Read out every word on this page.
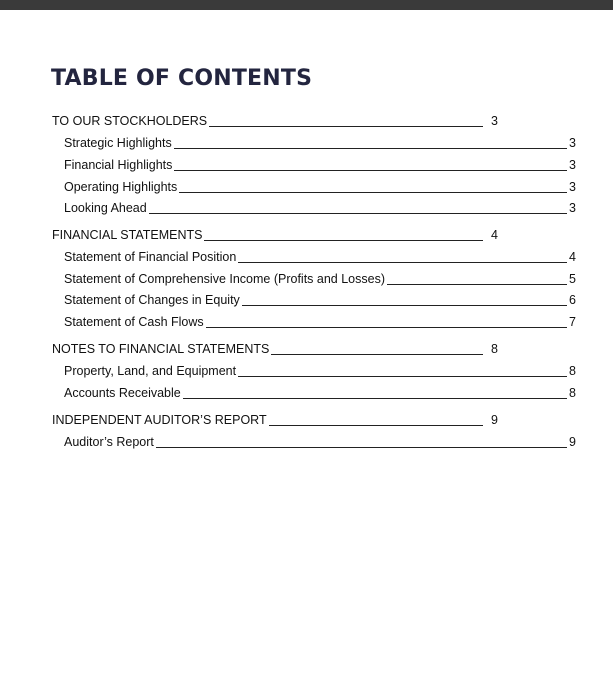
TABLE OF CONTENTS
TO OUR STOCKHOLDERS	3
Strategic Highlights	3
Financial Highlights	3
Operating Highlights	3
Looking Ahead	3
FINANCIAL STATEMENTS	4
Statement of Financial Position	4
Statement of Comprehensive Income (Profits and Losses)	5
Statement of Changes in Equity	6
Statement of Cash Flows	7
NOTES TO FINANCIAL STATEMENTS	8
Property, Land, and Equipment	8
Accounts Receivable	8
INDEPENDENT AUDITOR’S REPORT	9
Auditor’s Report	9
